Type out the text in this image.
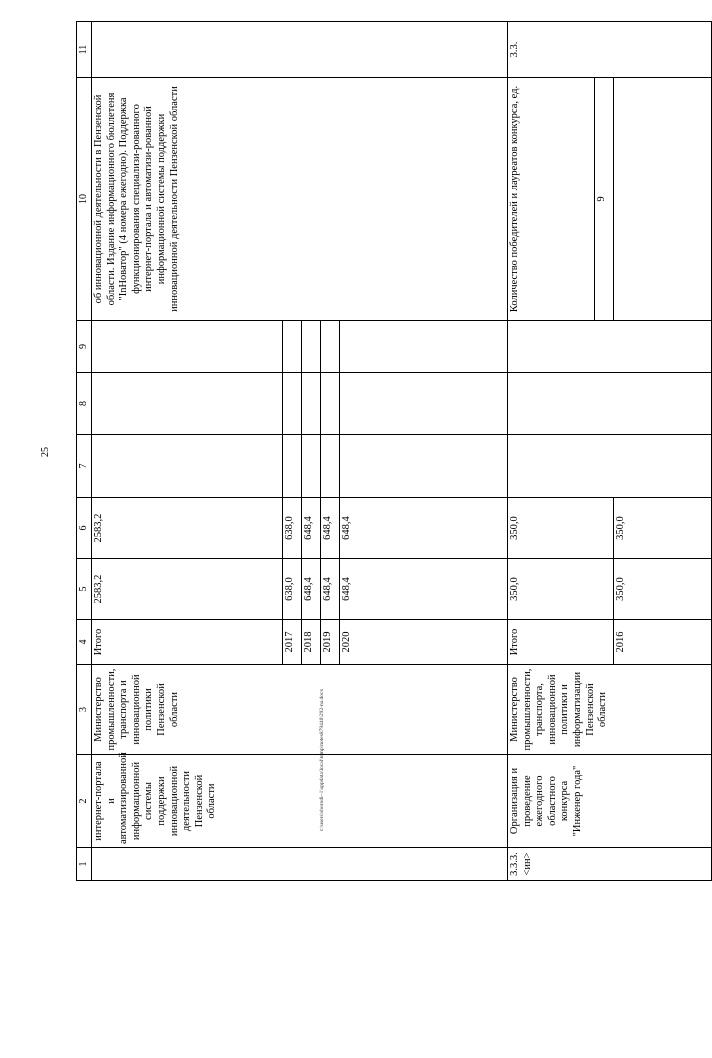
25
1	2	3	4	5	6	7	8	9	10	11
	интернет-портала и автоматизированной информационной системы поддержки инновационной деятельности Пензенской области	Министерство промышленности, транспорта и инновационной политики Пензенской области	Итого	2583,2	2583,2				об инновационной деятельности в Пензенской области. Издание информационного бюллетеня "InНоватор" (4 номера ежегодно). Поддержка функционирования специализи-рованного интернет-портала и автоматизи-рованной информационной системы поддержки инновационной деятельности Пензенской области	
			2017	638,0	638,0					
			2018	648,4	648,4					
			2019	648,4	648,4					
			2020	648,4	648,4					
3.3.3. <ин>	Организация и проведение ежегодного областного конкурса "Инженер года"	Министерство промышленности, транспорта, инновационной политики и информатизации Пензенской области	Итого	350,0	350,0				Количество победителей и лауреатов конкурса, ед.	3.3.
									9	
			2016	350,0	350,0					
c:\users\sborodi~1\appdata\local\temp\notes879440\292-na.docx
